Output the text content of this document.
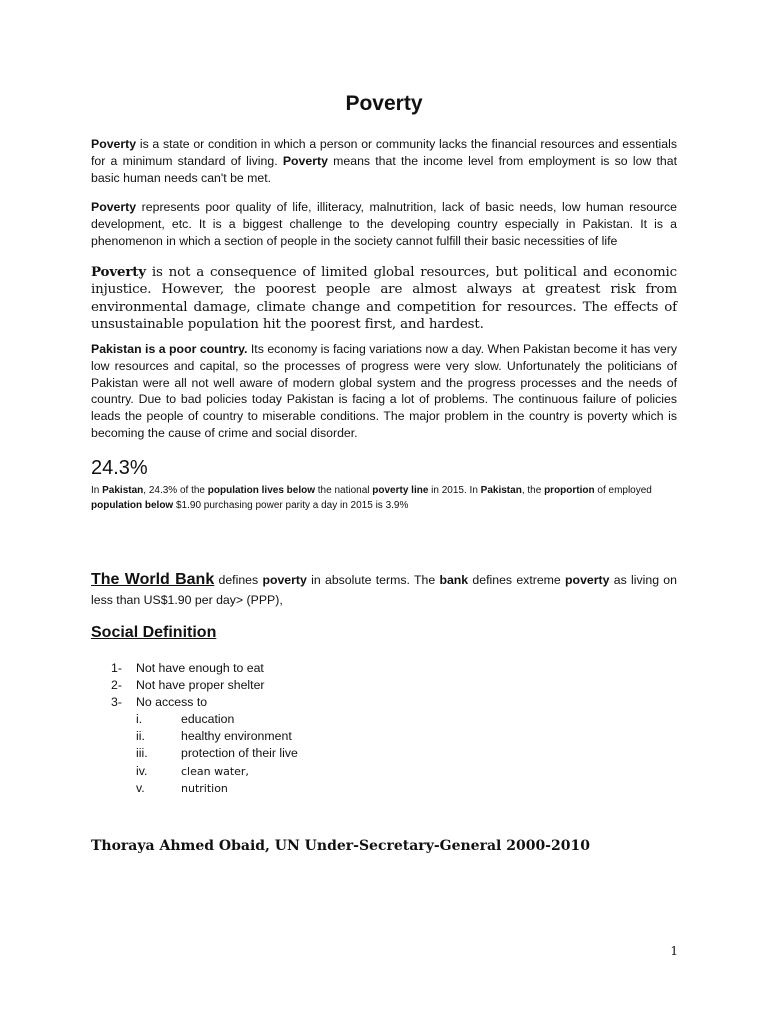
Poverty
Poverty is a state or condition in which a person or community lacks the financial resources and essentials for a minimum standard of living. Poverty means that the income level from employment is so low that basic human needs can't be met.
Poverty represents poor quality of life, illiteracy, malnutrition, lack of basic needs, low human resource development, etc. It is a biggest challenge to the developing country especially in Pakistan. It is a phenomenon in which a section of people in the society cannot fulfill their basic necessities of life
Poverty is not a consequence of limited global resources, but political and economic injustice. However, the poorest people are almost always at greatest risk from environmental damage, climate change and competition for resources. The effects of unsustainable population hit the poorest first, and hardest.
Pakistan is a poor country. Its economy is facing variations now a day. When Pakistan become it has very low resources and capital, so the processes of progress were very slow. Unfortunately the politicians of Pakistan were all not well aware of modern global system and the progress processes and the needs of country. Due to bad policies today Pakistan is facing a lot of problems. The continuous failure of policies leads the people of country to miserable conditions. The major problem in the country is poverty which is becoming the cause of crime and social disorder.
24.3%
In Pakistan, 24.3% of the population lives below the national poverty line in 2015. In Pakistan, the proportion of employed population below $1.90 purchasing power parity a day in 2015 is 3.9%
The World Bank defines poverty in absolute terms. The bank defines extreme poverty as living on less than US$1.90 per day> (PPP),
Social Definition
1- Not have enough to eat
2- Not have proper shelter
3- No access to
i.	education
ii.	healthy environment
iii.	protection of their live
iv.	clean water,
v.	nutrition
Thoraya Ahmed Obaid, UN Under-Secretary-General 2000-2010
1
